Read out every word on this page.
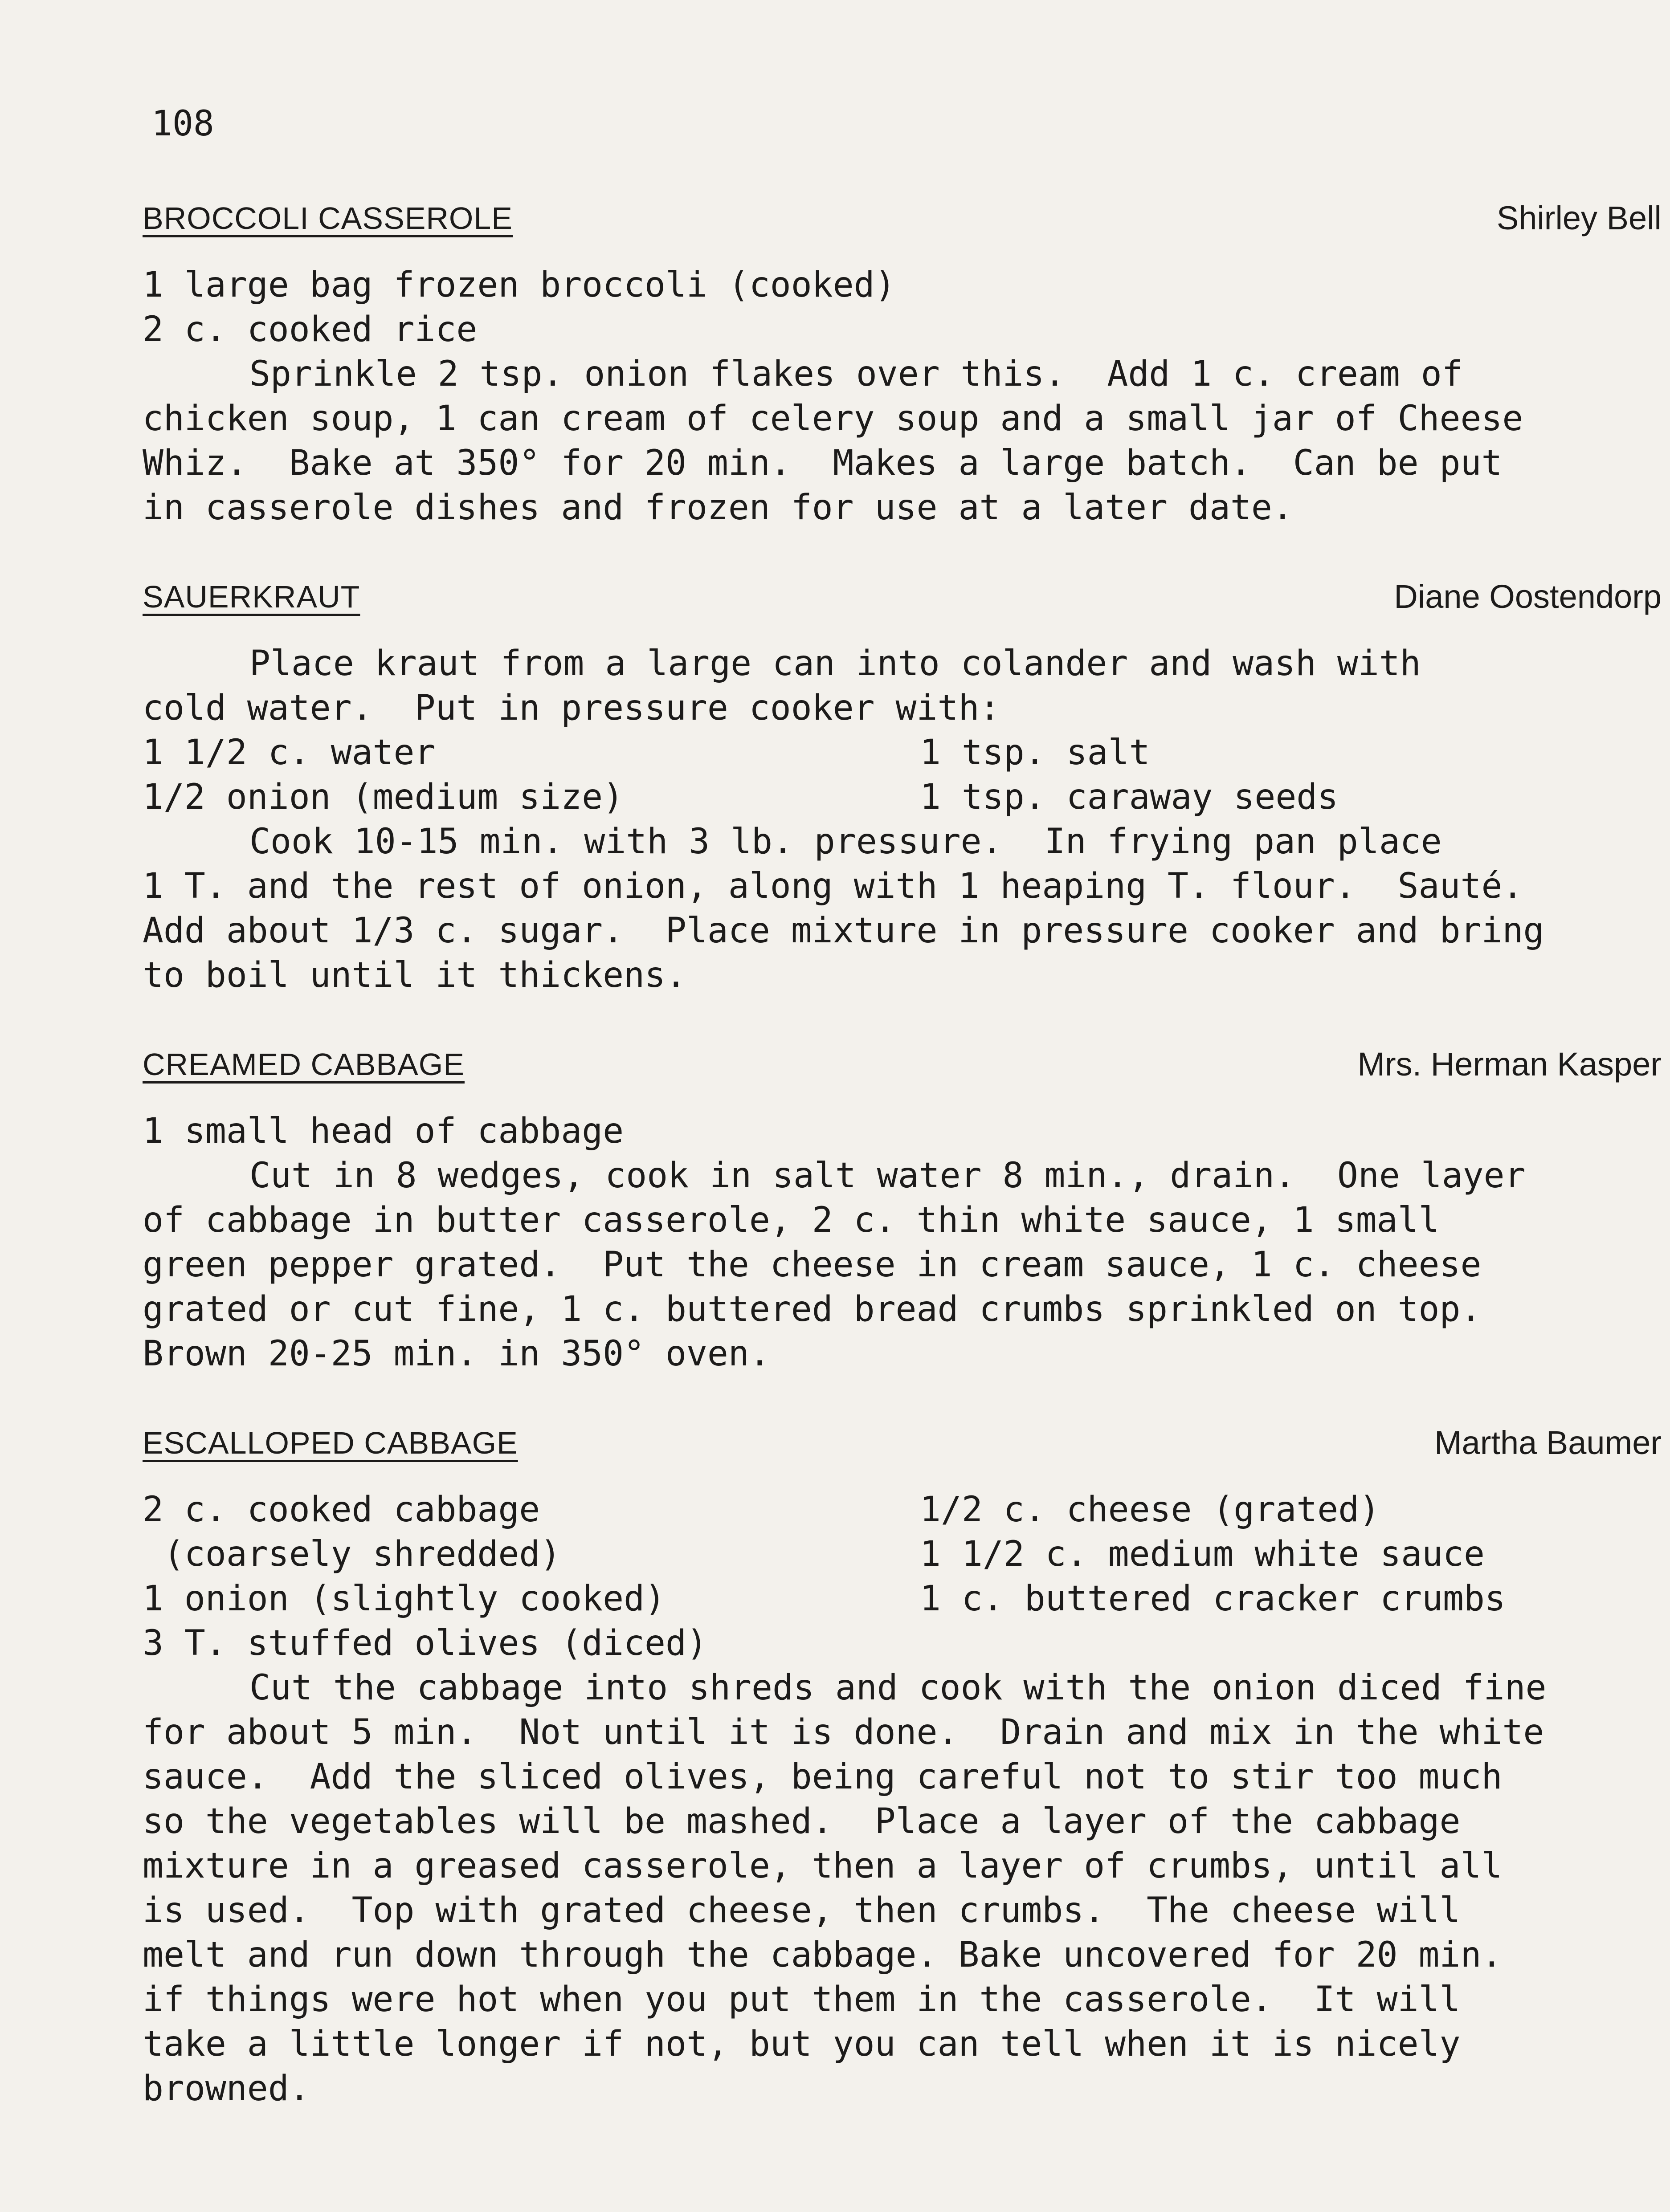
108
BROCCOLI CASSEROLE	Shirley Bell
1 large bag frozen broccoli (cooked)
2 c. cooked rice
Sprinkle 2 tsp. onion flakes over this.  Add 1 c. cream of
chicken soup, 1 can cream of celery soup and a small jar of Cheese
Whiz.  Bake at 350° for 20 min.  Makes a large batch.  Can be put
in casserole dishes and frozen for use at a later date.
SAUERKRAUT	Diane Oostendorp
Place kraut from a large can into colander and wash with
cold water.  Put in pressure cooker with:
1 1/2 c. water	1 tsp. salt
1/2 onion (medium size)	1 tsp. caraway seeds
Cook 10-15 min. with 3 lb. pressure.  In frying pan place
1 T. and the rest of onion, along with 1 heaping T. flour.  Sauté.
Add about 1/3 c. sugar.  Place mixture in pressure cooker and bring
to boil until it thickens.
CREAMED CABBAGE	Mrs. Herman Kasper
1 small head of cabbage
Cut in 8 wedges, cook in salt water 8 min., drain.  One layer
of cabbage in butter casserole, 2 c. thin white sauce, 1 small
green pepper grated.  Put the cheese in cream sauce, 1 c. cheese
grated or cut fine, 1 c. buttered bread crumbs sprinkled on top.
Brown 20-25 min. in 350° oven.
ESCALLOPED CABBAGE	Martha Baumer
2 c. cooked cabbage	1/2 c. cheese (grated)
(coarsely shredded)	1 1/2 c. medium white sauce
1 onion (slightly cooked)	1 c. buttered cracker crumbs
3 T. stuffed olives (diced)
Cut the cabbage into shreds and cook with the onion diced fine
for about 5 min.  Not until it is done.  Drain and mix in the white
sauce.  Add the sliced olives, being careful not to stir too much
so the vegetables will be mashed.  Place a layer of the cabbage
mixture in a greased casserole, then a layer of crumbs, until all
is used.  Top with grated cheese, then crumbs.  The cheese will
melt and run down through the cabbage. Bake uncovered for 20 min.
if things were hot when you put them in the casserole.  It will
take a little longer if not, but you can tell when it is nicely
browned.
